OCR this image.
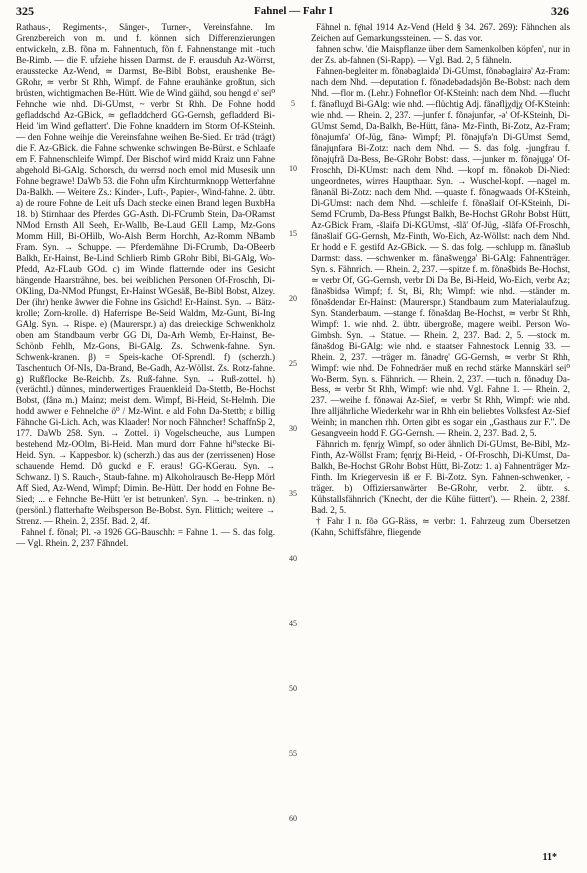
325	Fahnel — Fahr I	326

Rathaus-, Regiments-, Sänger-, Turner-, Vereinsfahne. Im Grenzbereich von m. und f. können sich Differenzierungen entwickeln, z.B. fõnə m. Fahnentuch, fõn f. Fahnenstange mit -tuch Be-Rimb. — die F. uf̄ziehe hissen Darmst. de F. erausduh Az-Wörrst, erausstecke Az-Wend, ≃ Darmst, Be-Bibl Bobst, eraushenke Be-GRohr, ≃ verbr St Rhh, Wimpf. de Fahne erauhänke großtun, sich brüsten, wichtigmachen Be-Hütt. Wie de Wind gäihd, sou hengd e' sei⁰ Fehnche wie nhd. Di-GUmst, ~ verbr St Rhh. De Fohne hodd gefladdschd Az-GBick, ≃ gefladdcherd GG-Gernsh, gefladderd Bi-Heid 'im Wind geflattert'. Die Fohne knaddern im Storm Of-KSteinh. — den Fohne weihje die Vereinsfahne weihen Be-Sied. Er träd (trägt) die F. Az-GBick. die Fahne schwenke schwingen Be-Bürst. e Schlaafe em F. Fahnenschleife Wimpf. Der Bischof wird midd Kraiz unn Fahne abgehold Bi-GAlg. Schorsch, du werrsd noch emol mid Musesik unn Fohne begrawe! DaWb 53. die Fohn uf̄m Kirchturmknopp Wetterfahne Da-Balkh. — Weitere Zs.: Kinder-, Luft-, Papier-, Wind-fahne. 2. übtr. a) de roure Fohne de Leit uf̄s Dach stecke einen Brand legen BuxbHa 18. b) Stirnhaar des Pferdes GG-Asth. Di-FCrumb Stein, Da-ORamst NMod Ernsth All Seeh, Er-Wallb, Be-Laud GEll Lamp, Mz-Gons Momm Hill, Bi-OHilb, Wo-Alsh Berm Horchh, Az-Romm NBamb Fram. Syn. → Schuppe. — Pferdemähne Di-FCrumb, Da-OBeerb Balkh, Er-Hainst, Be-Lind Schlierb Rimb GRohr Bibl, Bi-GAlg, Wo-Pfedd, Az-FLaub GOd. c) im Winde flatternde oder ins Gesicht hängende Haarsträhne, bes. bei weiblichen Personen Of-Froschh, Di-OKling, Da-NMod Pfungst, Er-Hainst WGesäß, Be-Bibl Bobst, Alzey. Der (ihr) henke âwwer die Fohne ins Gsichd! Er-Hainst. Syn. → Bätz-krolle; Zorn-krolle. d) Haferrispe Be-Seid Waldm, Mz-Gunt, Bi-Ing GAlg. Syn. → Rispe. e) (Maurerspr.) a) das dreieckige Schwenkholz oben am Standbaum verbr GG Di, Da-Arh Wemb, Er-Hainst, Be-Schönb Fehlh, Mz-Gons, Bi-GAlg. Zs. Schwenk-fahne. Syn. Schwenk-kranen. β) = Speis-kache Of-Sprendl. f) (scherzh.) Taschentuch Of-NIs, Da-Brand, Be-Gadh, Az-Wöllst. Zs. Rotz-fahne. g) Rußflocke Be-Reichb. Zs. Ruß-fahne. Syn. → Ruß-zottel. h) (verächtl.) dünnes, minderwertiges Frauenkleid Da-Stettb, Be-Hochst Bobst, (fânə m.) Mainz; meist dem. Wimpf, Bi-Heid, St-Helmh. Die hodd awwer e Fehnelche ö⁰ / Mz-Wint. e ald Fohn Da-Stettb; ε billig Fähnche Gi-Lich. Ach, was Klaader! Nor noch Fähncher! SchaffnSp 2, 177. DaWb 258. Syn. → Zottel. i) Vogelscheuche, aus Lumpen bestehend Mz-OOlm, Bi-Heid. Man murd dorr Fahne hi⁰stecke Bi-Heid. Syn. → Kappesbor. k) (scherzh.) das aus der (zerrissenen) Hose schauende Hemd. Dô guckd e F. eraus! GG-KGerau. Syn. → Schwanz. l) S. Rauch-, Staub-fahne. m) Alkoholrausch Be-Hepp Mörl Aff Sied, Az-Wend, Wimpf; Dimin. Be-Hütt. Der hodd en Fohne Be-Sied; ... e Fehnche Be-Hütt 'er ist betrunken'. Syn. → be-trinken. n) (persönl.) flatterhafte Weibsperson Be-Bobst. Syn. Flittich; weitere → Strenz. — Rhein. 2, 235f. Bad. 2, 4f.

Fahnel f. fõnəl; Pl. -ə 1926 GG-Bauschh: = Fahne 1. — S. das folg. — Vgl. Rhein. 2, 237 Fa̋hndel.

5
10
15
20
25
30
35
40
45
50
55
60

Fähnel n. fę̄nəl 1914 Az-Vend (Held § 34. 267. 269): Fähnchen als Zeichen auf Gemarkungssteinen. — S. das vor.

fahnen schw. 'die Maispflanze über dem Samenkolben köpfen', nur in der Zs. ab-fahnen (Si-Rapp). — Vgl. Bad. 2, 5 fähneln.

Fahnen-begleiter m. fõnəbəglaidə' Di-GUmst, fõnəbəglairə' Az-Fram: nach dem Nhd. —deputation f. fõnədebədadsjõn Be-Bobst: nach dem Nhd. —flor m. (Lehr.) Fohneflor Of-KSteinh: nach dem Nhd. —flucht f. fãnəfluχd Bi-GAlg: wie nhd. —flüchtig Adj. fãnəflįχdįχ Of-KSteinh: wie nhd. — Rhein. 2, 237. —junfer f. fõnəjunfər, -ə' Of-KSteinh, Di-GUmst Semd, Da-Balkh, Be-Hütt, fãnə- Mz-Finth, Bi-Zotz, Az-Fram; fõnəjumfə' Of-Jüg, fãnə- Wimpf; Pl. fõnəjųfə'n Di-GUmst Semd, fãnəjųnfərə Bi-Zotz: nach dem Nhd. — S. das folg. -jungfrau f. fõnəjųfrã Da-Bess, Be-GRohr Bobst: dass. —junker m. fõnəjųgə' Of-Froschh, Di-KUmst: nach dem Nhd. —kopf m. fõnəkob Di-Nied: ungeordnetes, wirres Haupthaar. Syn. → Wuschel-kopf. —nagel m. fãnənäl Bi-Zotz: nach dem Nhd. —quaste f. fõnəgwaads Of-KSteinh, Di-GUmst: nach dem Nhd. —schleife f. fõnəšlaif Of-KSteinh, Di-Semd FCrumb, Da-Bess Pfungst Balkh, Be-Hochst GRohr Bobst Hütt, Az-GBick Fram, -šlaifə Di-KGUmst, -šlã' Of-Jüg, -šlãfə Of-Froschh, fãnəšlaif GG-Gernsh, Mz-Finth, Wo-Eich, Az-Wöllst: nach dem Nhd. Er hodd e F. gestifd Az-GBick. — S. das folg. —schlupp m. fãnəšlub Darmst: dass. —schwenker m. fãnəšweŋgə' Bi-GAlg: Fahnenträger. Syn. s. Fähnrich. — Rhein. 2, 237. —spitze f. m. fõnəšbids Be-Hochst, ≃ verbr Of, GG-Gernsh, verbr Di Da Be, Bi-Heid, Wo-Eich, verbr Az; fãnəšbidsə Wimpf; f. St, Bi, Rh; Wimpf: wie nhd. —ständer m. fõnəšdendər Er-Hainst: (Maurerspr.) Standbaum zum Materialaufzug. Syn. Standerbaum. —stange f. fõnəšdaŋ Be-Hochst, ≃ verbr St Rhh, Wimpf: 1. wie nhd. 2. übtr. übergroße, magere weibl. Person Wo-Gimbsh. Syn. → Statue. — Rhein. 2, 237. Bad. 2, 5. —stock m. fãnəšdog Bi-GAlg: wie nhd. e staatser Fahnestock Lennig 33. — Rhein. 2, 237. —träger m. fãnədrę' GG-Gernsh, ≃ verbr St Rhh, Wimpf: wie nhd. De Fohnedräer muß en rechd stärke Mannskärl sei⁰ Wo-Berm. Syn. s. Fähnrich. — Rhein. 2, 237. —tuch n. fõnəduχ Da-Bess, ≃ verbr St Rhh, Wimpf: wie nhd. Vgl. Fahne 1. — Rhein. 2, 237. —weihe f. fõnəwai Az-Sief, ≃ verbr St Rhh, Wimpf: wie nhd. Ihre alljährliche Wiederkehr war in Rhh ein beliebtes Volksfest Az-Sief Weinh; in manchen rhh. Orten gibt es sogar ein „Gasthaus zur F.". De Gesangveein hodd F. GG-Gernsh. — Rhein. 2, 237. Bad. 2, 5.

Fähnrich m. fęnrįχ Wimpf, so oder ähnlich Di-GUmst, Be-Bibl, Mz-Finth, Az-Wöllst Fram; fęnrįχ Bi-Heid, - Of-Froschh, Di-KUmst, Da-Balkh, Be-Hochst GRohr Bobst Hütt, Bi-Zotz: 1. a) Fahnenträger Mz-Finth. Im Kriegervesin iß er F. Bi-Zotz. Syn. Fahnen-schwenker, -träger. b) Offiziersanwärter Be-GRohr, verbr. 2. übtr. s. Kühstallsfähnrich ('Knecht, der die Kühe füttert'). — Rhein. 2, 238f. Bad. 2, 5.

† Fahr I n. fõə GG-Räss, ≃ verbr: 1. Fahrzeug zum Übersetzen (Kahn, Schiffsfähre, fliegende

11*
